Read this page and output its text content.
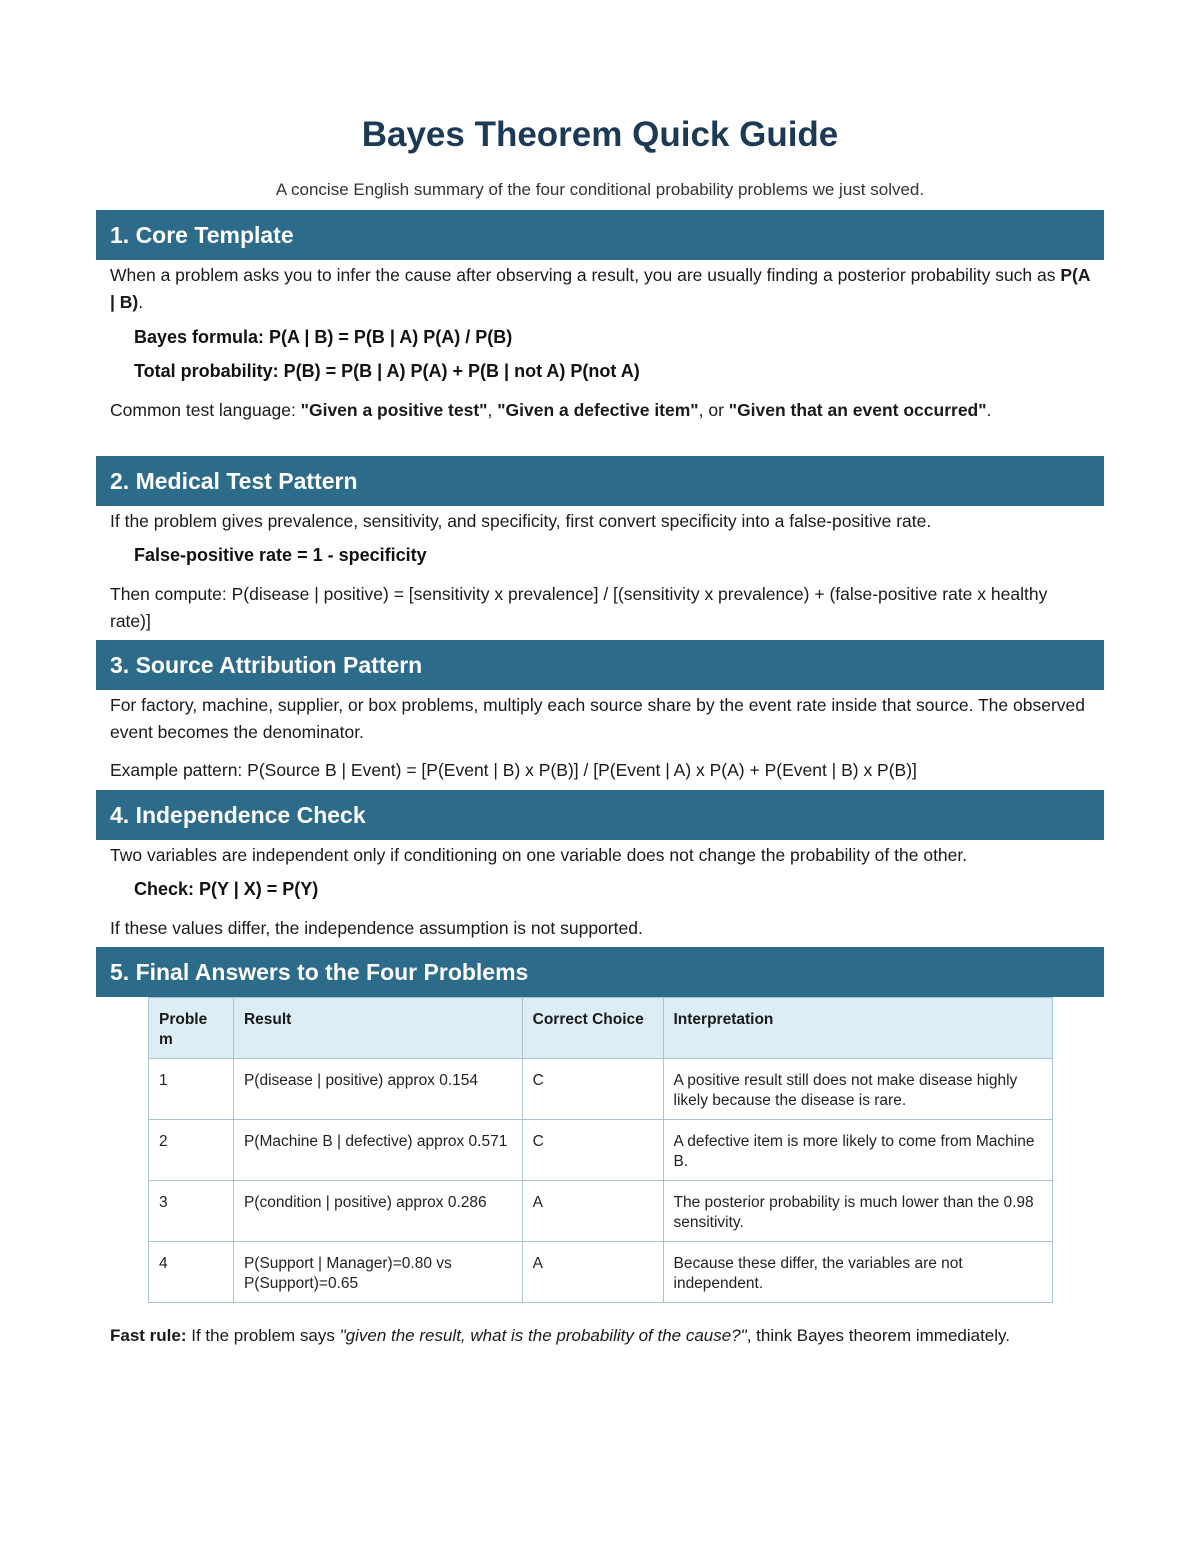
Bayes Theorem Quick Guide
A concise English summary of the four conditional probability problems we just solved.
1. Core Template
When a problem asks you to infer the cause after observing a result, you are usually finding a posterior probability such as P(A | B).
Bayes formula: P(A | B) = P(B | A) P(A) / P(B)
Total probability: P(B) = P(B | A) P(A) + P(B | not A) P(not A)
Common test language: "Given a positive test", "Given a defective item", or "Given that an event occurred".
2. Medical Test Pattern
If the problem gives prevalence, sensitivity, and specificity, first convert specificity into a false-positive rate.
False-positive rate = 1 - specificity
Then compute: P(disease | positive) = [sensitivity x prevalence] / [(sensitivity x prevalence) + (false-positive rate x healthy rate)]
3. Source Attribution Pattern
For factory, machine, supplier, or box problems, multiply each source share by the event rate inside that source. The observed event becomes the denominator.
Example pattern: P(Source B | Event) = [P(Event | B) x P(B)] / [P(Event | A) x P(A) + P(Event | B) x P(B)]
4. Independence Check
Two variables are independent only if conditioning on one variable does not change the probability of the other.
Check: P(Y | X) = P(Y)
If these values differ, the independence assumption is not supported.
5. Final Answers to the Four Problems
Proble m	Result	Correct Choice	Interpretation
1	P(disease | positive) approx 0.154	C	A positive result still does not make disease highly likely because the disease is rare.
2	P(Machine B | defective) approx 0.571	C	A defective item is more likely to come from Machine B.
3	P(condition | positive) approx 0.286	A	The posterior probability is much lower than the 0.98 sensitivity.
4	P(Support | Manager)=0.80 vs P(Support)=0.65	A	Because these differ, the variables are not independent.
Fast rule: If the problem says "given the result, what is the probability of the cause?", think Bayes theorem immediately.
